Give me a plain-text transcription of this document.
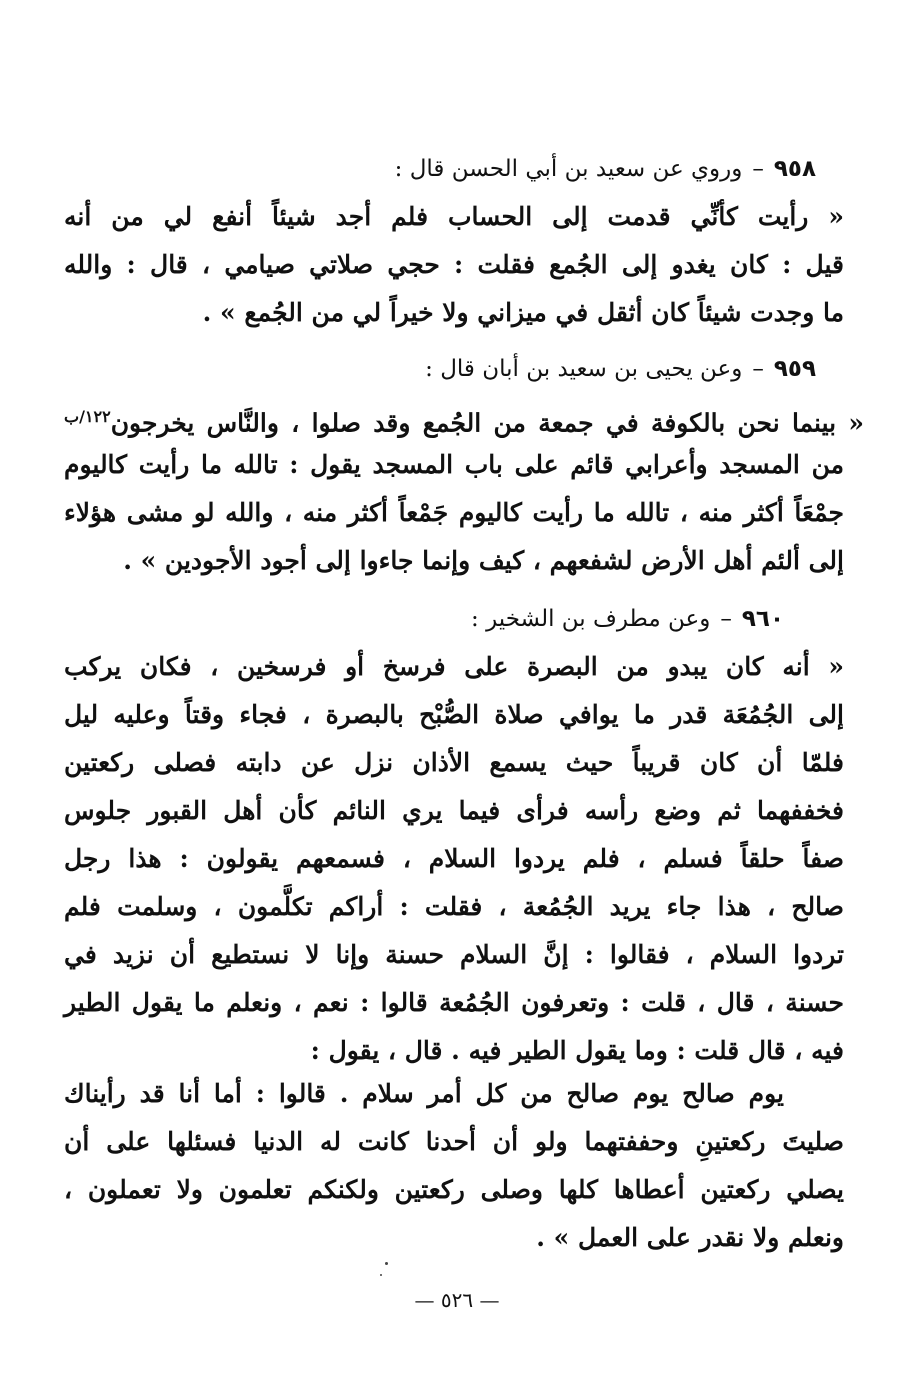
٩٥٨–وروي عن سعيد بن أبي الحسن قال :
« رأيت كأنِّي قدمت إلى الحساب فلم أجد شيئاً أنفع لي من أنه
قيل : كان يغدو إلى الجُمع فقلت : حجي صلاتي صيامي ، قال : والله
ما وجدت شيئاً كان أثقل في ميزاني ولا خيراً لي من الجُمع » .
٩٥٩–وعن يحيى بن سعيد بن أبان قال :
« بينما نحن بالكوفة في جمعة من الجُمع وقد صلوا ، والنَّاس يخرجون$^{١٢٢/ب}$
من المسجد وأعرابي قائم على باب المسجد يقول : تالله ما رأيت كاليوم
جمْعَاً أكثر منه ، تالله ما رأيت كاليوم جَمْعاً أكثر منه ، والله لو مشى هؤلاء
إلى ألئم أهل الأرض لشفعهم ، كيف وإنما جاءوا إلى أجود الأجودين » .
٩٦٠–وعن مطرف بن الشخير :
« أنه كان يبدو من البصرة على فرسخ أو فرسخين ، فكان يركب
إلى الجُمُعَة قدر ما يوافي صلاة الصُّبْح بالبصرة ، فجاء وقتاً وعليه ليل
فلمّا أن كان قريباً حيث يسمع الأذان نزل عن دابته فصلى ركعتين
فخففهما ثم وضع رأسه فرأى فيما يري النائم كأن أهل القبور جلوس
صفاً حلقاً فسلم ، فلم يردوا السلام ، فسمعهم يقولون : هذا رجل
صالح ، هذا جاء يريد الجُمُعة ، فقلت : أراكم تكلَّمون ، وسلمت فلم
تردوا السلام ، فقالوا : إنَّ السلام حسنة وإنا لا نستطيع أن نزيد في
حسنة ، قال ، قلت : وتعرفون الجُمُعة قالوا : نعم ، ونعلم ما يقول الطير
فيه ، قال قلت : وما يقول الطير فيه . قال ، يقول :
يوم صالح يوم صالح من كل أمر سلام . قالوا : أما أنا قد رأيناك
صليتَ ركعتينِ وحففتهما ولو أن أحدنا كانت له الدنيا فسئلها على أن
يصلي ركعتين أعطاها كلها وصلى ركعتين ولكنكم تعلمون ولا تعملون ،
ونعلم ولا نقدر على العمل » .
— ٥٢٦ —
